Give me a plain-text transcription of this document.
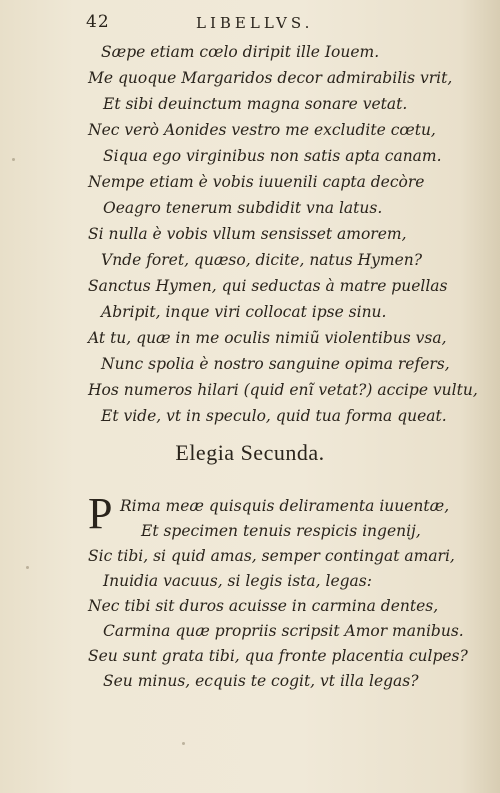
42	LIBELLVS.
Sæpe etiam cœlo diripit ille Iouem.
Me quoque Margaridos decor admirabilis vrit,
Et sibi deuinctum magna sonare vetat.
Nec verò Aonides vestro me excludite cœtu,
Siqua ego virginibus non satis apta canam.
Nempe etiam è vobis iuuenili capta decòre
Oeagro tenerum subdidit vna latus.
Si nulla è vobis vllum sensisset amorem,
Vnde foret, quæso, dicite, natus Hymen?
Sanctus Hymen, qui seductas à matre puellas
Abripit, inque viri collocat ipse sinu.
At tu, quæ in me oculis nimiũ violentibus vsa,
Nunc spolia è nostro sanguine opima refers,
Hos numeros hilari (quid enĩ vetat?) accipe vultu,
Et vide, vt in speculo, quid tua forma queat.
Elegia Secunda.
P Rima meæ quisquis deliramenta iuuentæ,
Et specimen tenuis respicis ingenij,
Sic tibi, si quid amas, semper contingat amari,
Inuidia vacuus, si legis ista, legas:
Nec tibi sit duros acuisse in carmina dentes,
Carmina quæ propriis scripsit Amor manibus.
Seu sunt grata tibi, qua fronte placentia culpes?
Seu minus, ecquis te cogit, vt illa legas?
